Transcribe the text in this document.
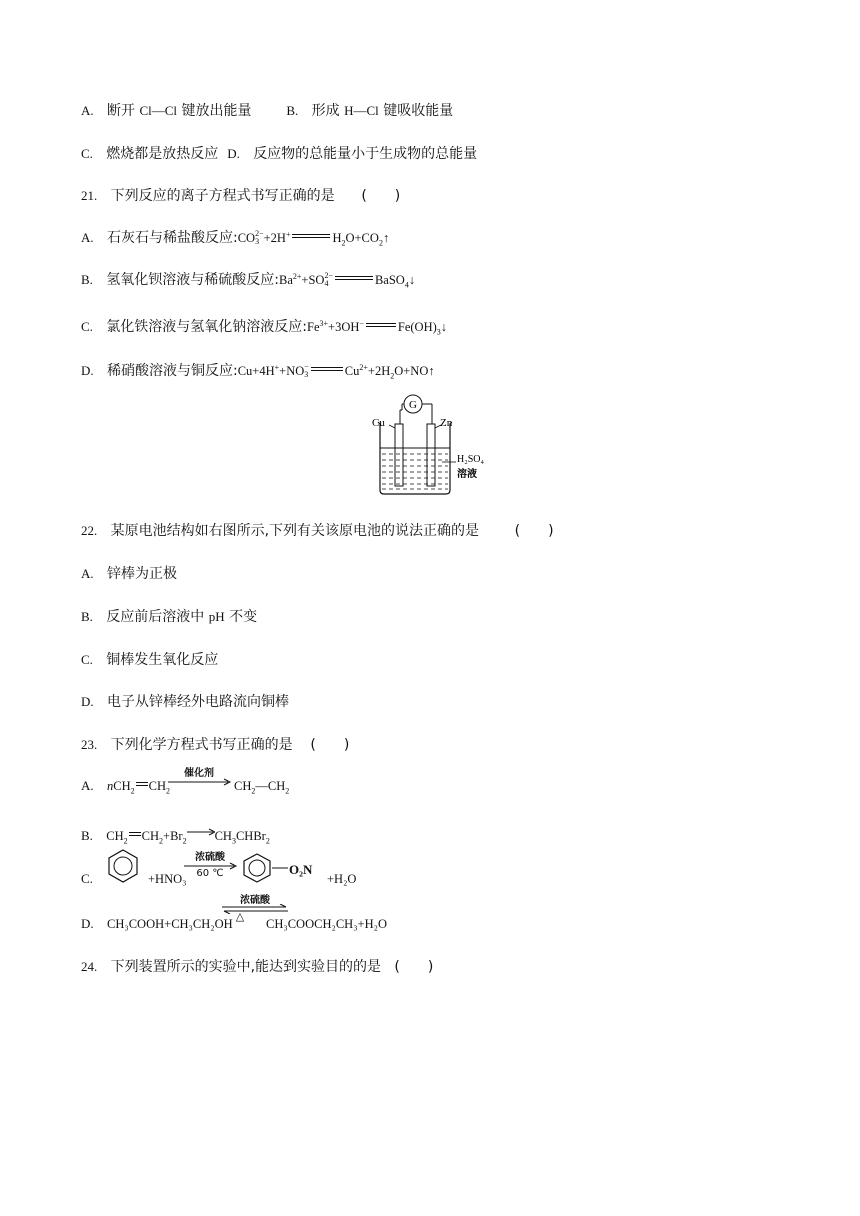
A. 断开 Cl—Cl 键放出能量	B. 形成 H—Cl 键吸收能量
C. 燃烧都是放热反应 D. 反应物的总能量小于生成物的总能量
21. 下列反应的离子方程式书写正确的是 (　　)
A. 石灰石与稀盐酸反应:CO 2−
3 +2H+	$H_2O+CO_2↑$
B. 氢氧化钡溶液与稀硫酸反应$:Ba^{2+}+SO$ 2−
4	BaSO$_4$↓
C. 氯化铁溶液与氢氧化钠溶液反应$:Fe^{3+}+3OH^-$	$Fe(OH)_3↓$
D. 稀硝酸溶液与铜反应:Cu+4H++NO −
3	$Cu^{2+}+2H_2O+NO↑$
G
Cu	Zn
H₂SO₄
溶液
22. 某原电池结构如右图所示,下列有关该原电池的说法正确的是	(　　)
A. 锌棒为正极
B. 反应前后溶液中 pH 不变
C. 铜棒发生氧化反应
D. 电子从锌棒经外电路流向铜棒
23. 下列化学方程式书写正确的是 (　　)
A. nCH$_2$ $CH_2$
催化剂
$CH_2—CH_2$
B. $CH_2$ $CH_2+Br_2$ $CH_3CHBr_2$
C.	+HNO₃
浓硫酸
60 ℃	O₂N
+H₂O
D. CH₃COOH+CH₃CH₂OH
浓硫酸
△
CH₃COOCH₂CH₃+H₂O
24. 下列装置所示的实验中,能达到实验目的的是 (　　)
